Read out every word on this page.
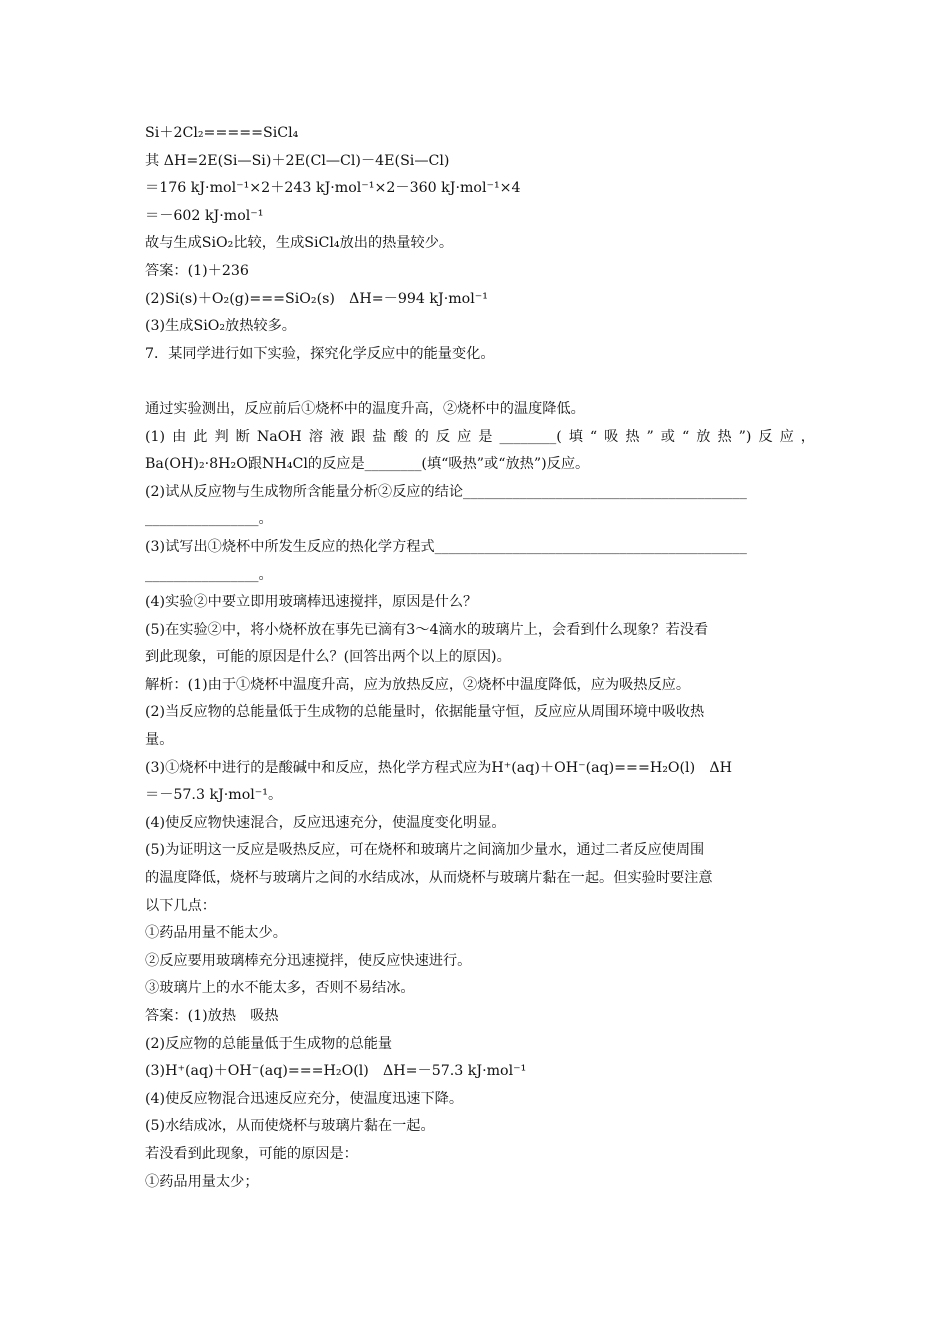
Si＋2Cl₂=====SiCl₄
其 ΔH=2E(Si—Si)＋2E(Cl—Cl)－4E(Si—Cl)
＝176 kJ·mol⁻¹×2＋243 kJ·mol⁻¹×2－360 kJ·mol⁻¹×4
＝－602 kJ·mol⁻¹
故与生成SiO₂比较，生成SiCl₄放出的热量较少。
答案：(1)＋236
(2)Si(s)＋O₂(g)===SiO₂(s)　ΔH=－994 kJ·mol⁻¹
(3)生成SiO₂放热较多。
7．某同学进行如下实验，探究化学反应中的能量变化。
通过实验测出，反应前后①烧杯中的温度升高，②烧杯中的温度降低。
(1)由此判断NaOH溶液跟盐酸的反应是________(填“吸热”或“放热”)反应，
Ba(OH)₂·8H₂O跟NH₄Cl的反应是________(填“吸热”或“放热”)反应。
(2)试从反应物与生成物所含能量分析②反应的结论________________________________________
________________。
(3)试写出①烧杯中所发生反应的热化学方程式____________________________________________
________________。
(4)实验②中要立即用玻璃棒迅速搅拌，原因是什么？
(5)在实验②中，将小烧杯放在事先已滴有3～4滴水的玻璃片上，会看到什么现象？若没看
到此现象，可能的原因是什么？(回答出两个以上的原因)。
解析：(1)由于①烧杯中温度升高，应为放热反应，②烧杯中温度降低，应为吸热反应。
(2)当反应物的总能量低于生成物的总能量时，依据能量守恒，反应应从周围环境中吸收热
量。
(3)①烧杯中进行的是酸碱中和反应，热化学方程式应为H⁺(aq)＋OH⁻(aq)===H₂O(l)　ΔH
＝－57.3 kJ·mol⁻¹。
(4)使反应物快速混合，反应迅速充分，使温度变化明显。
(5)为证明这一反应是吸热反应，可在烧杯和玻璃片之间滴加少量水，通过二者反应使周围
的温度降低，烧杯与玻璃片之间的水结成冰，从而烧杯与玻璃片黏在一起。但实验时要注意
以下几点：
①药品用量不能太少。
②反应要用玻璃棒充分迅速搅拌，使反应快速进行。
③玻璃片上的水不能太多，否则不易结冰。
答案：(1)放热　吸热
(2)反应物的总能量低于生成物的总能量
(3)H⁺(aq)＋OH⁻(aq)===H₂O(l)　ΔH=－57.3 kJ·mol⁻¹
(4)使反应物混合迅速反应充分，使温度迅速下降。
(5)水结成冰，从而使烧杯与玻璃片黏在一起。
若没看到此现象，可能的原因是：
①药品用量太少；
